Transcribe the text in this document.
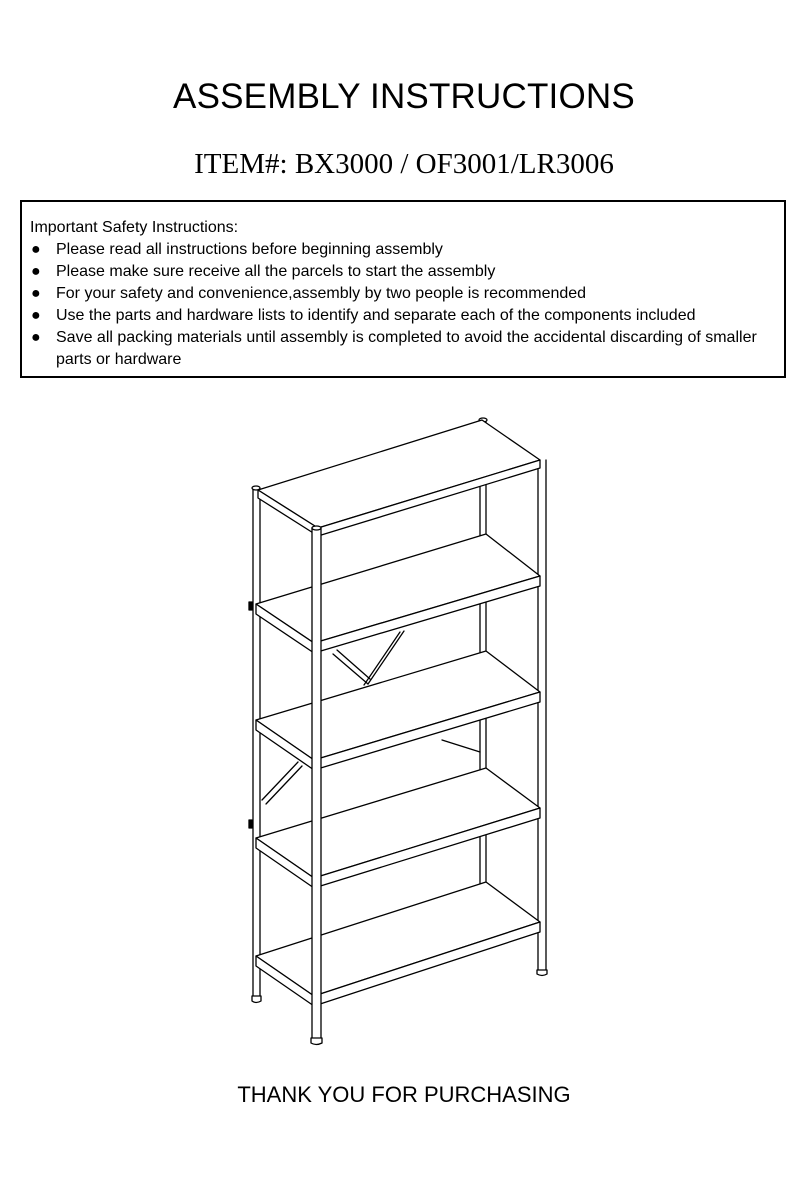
ASSEMBLY INSTRUCTIONS
ITEM#: BX3000 / OF3001/LR3006

Important Safety Instructions:

● Please read all instructions before beginning assembly
● Please make sure receive all the parcels to start the assembly
● For your safety and convenience,assembly by two people is recommended
● Use the parts and hardware lists to identify and separate each of the components included
● Save all packing materials until assembly is completed to avoid the accidental discarding of smaller parts or hardware
THANK YOU FOR PURCHASING
